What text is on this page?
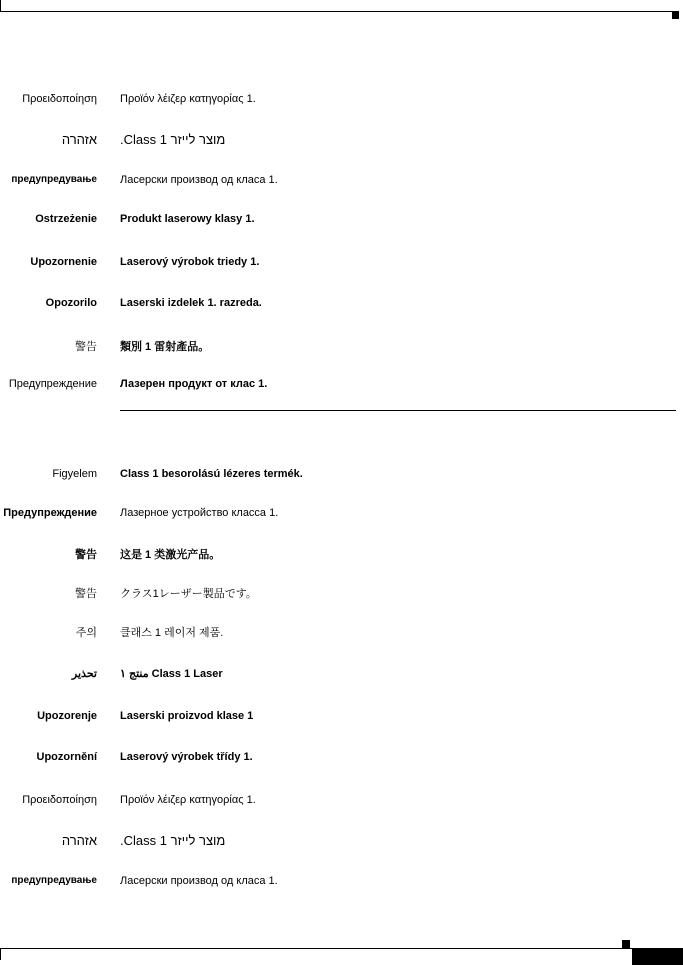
Προειδοποίηση Προϊόν λέιζερ κατηγορίας 1.
אזהרה מוצר לייזר Class 1.
предупредување Ласерски производ од класа 1.
Ostrzeżenie Produkt laserowy klasy 1.
Upozornenie Laserový výrobok triedy 1.
Opozorilo Laserski izdelek 1. razreda.
警告 類別 1 雷射產品。
Предупреждение Лазерен продукт от клас 1.
Figyelem Class 1 besorolású lézeres termék.
Предупреждение Лазерное устройство класса 1.
警告 这是 1 类激光产品。
警告 クラス1レーザー製品です。
주의 클래스 1 레이저 제품.
تحذير منتج ١ Class 1 Laser
Upozorenje Laserski proizvod klase 1
Upozornění Laserový výrobek třídy 1.
Προειδοποίηση Προϊόν λέιζερ κατηγορίας 1.
אזהרה מוצר לייזר Class 1.
предупредување Ласерски производ од класа 1.
